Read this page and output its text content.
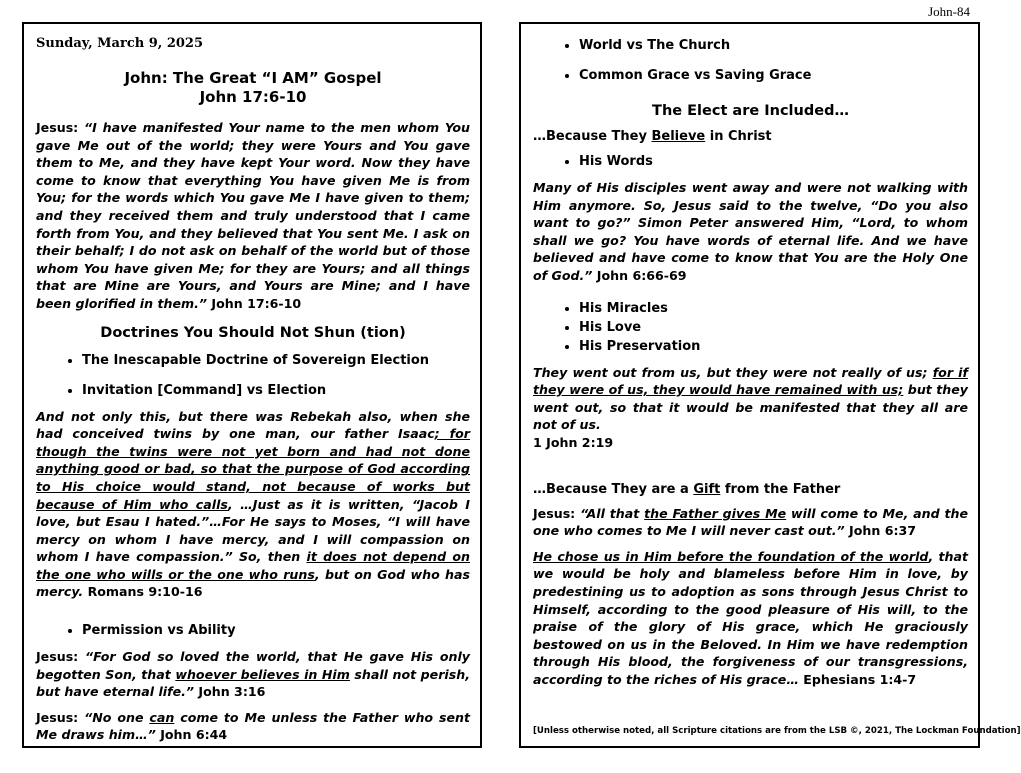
John-84
Sunday, March 9, 2025
John: The Great “I AM” Gospel
John 17:6-10

Jesus: “I have manifested Your name to the men whom You gave Me out of the world; they were Yours and You gave them to Me, and they have kept Your word. Now they have come to know that everything You have given Me is from You; for the words which You gave Me I have given to them; and they received them and truly understood that I came forth from You, and they believed that You sent Me. I ask on their behalf; I do not ask on behalf of the world but of those whom You have given Me; for they are Yours; and all things that are Mine are Yours, and Yours are Mine; and I have been glorified in them.” John 17:6-10

Doctrines You Should Not Shun (tion)
• The Inescapable Doctrine of Sovereign Election
• Invitation [Command] vs Election

And not only this, but there was Rebekah also, when she had conceived twins by one man, our father Isaac; for though the twins were not yet born and had not done anything good or bad, so that the purpose of God according to His choice would stand, not because of works but because of Him who calls, …Just as it is written, “Jacob I love, but Esau I hated.”…For He says to Moses, “I will have mercy on whom I have mercy, and I will compassion on whom I have compassion.” So, then it does not depend on the one who wills or the one who runs, but on God who has mercy. Romans 9:10-16

• Permission vs Ability

Jesus: “For God so loved the world, that He gave His only begotten Son, that whoever believes in Him shall not perish, but have eternal life.” John 3:16

Jesus: “No one can come to Me unless the Father who sent Me draws him…” John 6:44

• World vs The Church
• Common Grace vs Saving Grace
The Elect are Included…
…Because They Believe in Christ
• His Words

Many of His disciples went away and were not walking with Him anymore. So, Jesus said to the twelve, “Do you also want to go?” Simon Peter answered Him, “Lord, to whom shall we go? You have words of eternal life. And we have believed and have come to know that You are the Holy One of God.” John 6:66-69

• His Miracles
• His Love
• His Preservation

They went out from us, but they were not really of us; for if they were of us, they would have remained with us; but they went out, so that it would be manifested that they all are not of us.
1 John 2:19

…Because They are a Gift from the Father

Jesus: “All that the Father gives Me will come to Me, and the one who comes to Me I will never cast out.” John 6:37

He chose us in Him before the foundation of the world, that we would be holy and blameless before Him in love, by predestining us to adoption as sons through Jesus Christ to Himself, according to the good pleasure of His will, to the praise of the glory of His grace, which He graciously bestowed on us in the Beloved. In Him we have redemption through His blood, the forgiveness of our transgressions, according to the riches of His grace… Ephesians 1:4-7

[Unless otherwise noted, all Scripture citations are from the LSB ©, 2021, The Lockman Foundation]
